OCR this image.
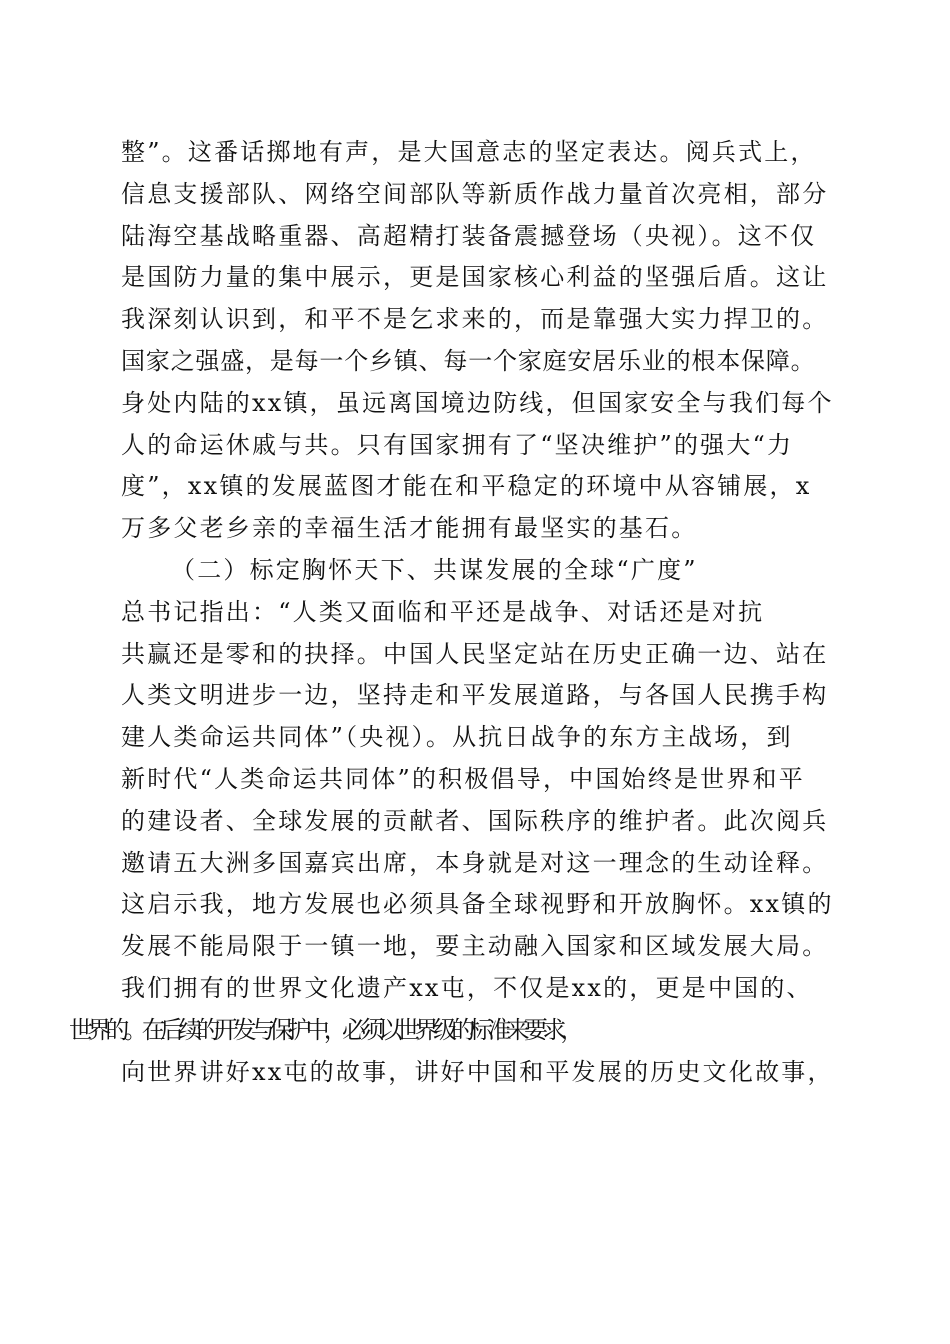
整”。这番话掷地有声，是大国意志的坚定表达。阅兵式上，
信息支援部队、网络空间部队等新质作战力量首次亮相，部分
陆海空基战略重器、高超精打装备震撼登场（央视）。这不仅
是国防力量的集中展示，更是国家核心利益的坚强后盾。这让
我深刻认识到，和平不是乞求来的，而是靠强大实力捍卫的。
国家之强盛，是每一个乡镇、每一个家庭安居乐业的根本保障。
身处内陆的xx镇，虽远离国境边防线，但国家安全与我们每个
人的命运休戚与共。只有国家拥有了“坚决维护”的强大“力
度”，xx镇的发展蓝图才能在和平稳定的环境中从容铺展，x
万多父老乡亲的幸福生活才能拥有最坚实的基石。
（二）标定胸怀天下、共谋发展的全球“广度”
总书记指出：“人类又面临和平还是战争、对话还是对抗
共赢还是零和的抉择。中国人民坚定站在历史正确一边、站在
人类文明进步一边，坚持走和平发展道路，与各国人民携手构
建人类命运共同体”（央视）。从抗日战争的东方主战场，到
新时代“人类命运共同体”的积极倡导，中国始终是世界和平
的建设者、全球发展的贡献者、国际秩序的维护者。此次阅兵
邀请五大洲多国嘉宾出席，本身就是对这一理念的生动诠释。
这启示我，地方发展也必须具备全球视野和开放胸怀。xx镇的
发展不能局限于一镇一地，要主动融入国家和区域发展大局。
我们拥有的世界文化遗产xx屯，不仅是xx的，更是中国的、
世界的。在后续的开发与保护中，必须以世界级的标准来要求，
向世界讲好xx屯的故事，讲好中国和平发展的历史文化故事，
